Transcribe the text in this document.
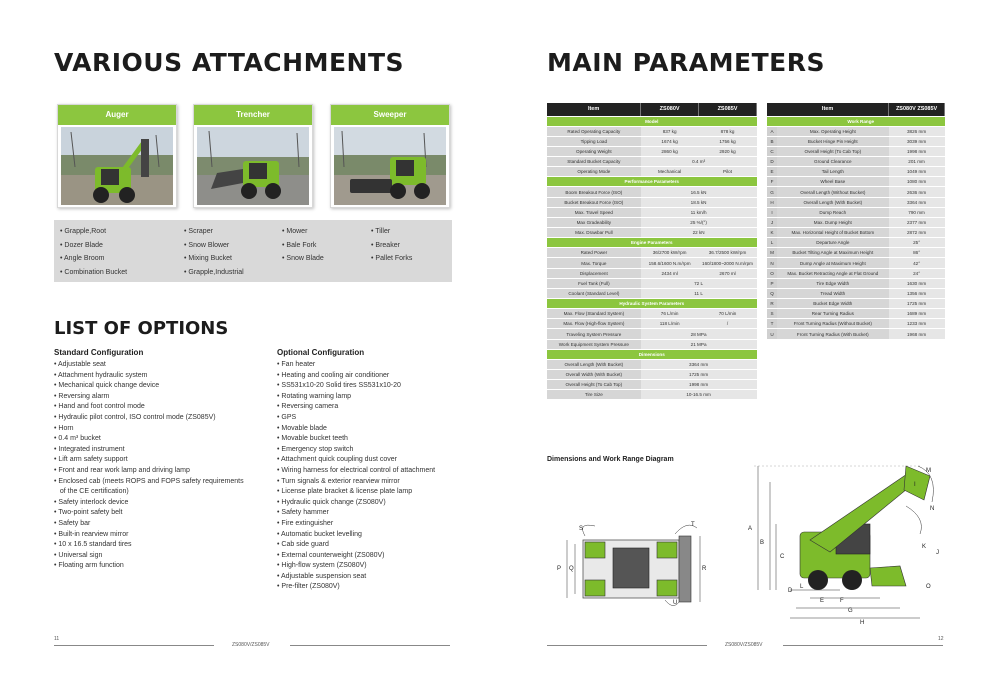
VARIOUS ATTACHMENTS
Auger	Trencher	Sweeper
• Grapple,Root
• Dozer Blade
• Angle Broom
• Combination Bucket
• Scraper
• Snow Blower
• Mixing Bucket
• Grapple,Industrial
• Mower
• Bale Fork
• Snow Blade
• Tiller
• Breaker
• Pallet Forks
LIST OF OPTIONS
Standard Configuration
• Adjustable seat
• Attachment hydraulic system
• Mechanical quick change device
• Reversing alarm
• Hand and foot control mode
• Hydraulic pilot control, ISO control mode (ZS085V)
• Horn
• 0.4 m³ bucket
• Integrated instrument
• Lift arm safety support
• Front and rear work lamp and driving lamp
• Enclosed cab (meets ROPS and FOPS safety requirements
of the CE certification)
• Safety interlock device
• Two-point safety belt
• Safety bar
• Built-in rearview mirror
• 10 x 16.5 standard tires
• Universal sign
• Floating arm function
Optional Configuration
• Fan heater
• Heating and cooling air conditioner
• SS531x10-20 Solid tires SS531x10-20
• Rotating warning lamp
• Reversing camera
• GPS
• Movable blade
• Movable bucket teeth
• Emergency stop switch
• Attachment quick coupling dust cover
• Wiring harness for electrical control of attachment
• Turn signals & exterior rearview mirror
• License plate bracket & license plate lamp
• Hydraulic quick change (ZS080V)
• Safety hammer
• Fire extinguisher
• Automatic bucket levelling
• Cab side guard
• External counterweight (ZS080V)
• High-flow system (ZS080V)
• Adjustable suspension seat
• Pre-filter (ZS080V)
11
ZS080V/ZS085V
MAIN PARAMETERS
Item	ZS080V	ZS085V
Model		
Rated Operating Capacity	837 kg	878 kg
Tipping Load	1674 kg	1756 kg
Operating Weight	2860 kg	2920 kg
Standard Bucket Capacity	0.4 m³	
Operating Mode	Mechanical	Pilot
Performance Parameters		
Boom Breakout Force (ISO)	16.5 kN	
Bucket Breakout Force (ISO)	18.5 kN	
Max. Travel Speed	11 km/h	
Max Gradeability	25 %/(°)	
Max. Drawbar Pull	22 kN	
Engine Parameters		
Rated Power	36/2700 kW/rpm	36.7/2500 kW/rpm
Max. Torque	158.6/1600 N.m/rpm	160/1800~2000 N.m/rpm
Displacement	2434 ml	2670 ml
Fuel Tank (Full)	72 L	
Coolant (Standard Level)	11 L	
Hydraulic System Parameters		
Max. Flow (Standard System)	76 L/min	70 L/min
Max. Flow (High-flow System)	118 L/min	/
Traveling System Pressure	28 MPa	
Work Equipment System Pressure	21 MPa	
Dimensions		
Overall Length (With Bucket)	3364 mm	
Overall Width (With Bucket)	1725 mm	
Overall Height (To Cab Top)	1998 mm	
Tire Size	10-16.5 mm	
Item		ZS080V ZS085V
	Work Range	
A	Max. Operating Height	3826 mm
B	Bucket Hinge Pin Height	3039 mm
C	Overall Height (To Cab Top)	1998 mm
D	Ground Clearance	201 mm
E	Tail Length	1049 mm
F	Wheel Base	1080 mm
G	Overall Length (Without Bucket)	2636 mm
H	Overall Length (With Bucket)	3364 mm
I	Dump Reach	790 mm
J	Max. Dump Height	2377 mm
K	Max. Horizontal Height of Bucket Bottom	2872 mm
L	Departure Angle	25°
M	Bucket Tilting Angle at Maximum Height	86°
N	Dump Angle at Maximum Height	42°
O	Max. Bucket Retracting Angle at Flat Ground	24°
P	Tire Edge Width	1630 mm
Q	Tread Width	1356 mm
R	Bucket Edge Width	1725 mm
S	Rear Turning Radius	1689 mm
T	Front Turning Radius (Without Bucket)	1233 mm
U	Front Turning Radius (With Bucket)	1968 mm
Dimensions and Work Range Diagram
S
T
P Q	R
U
A
B
C
D
E	F
G
H
I
J
K
L
M
N
O
ZS080V/ZS085V
12
